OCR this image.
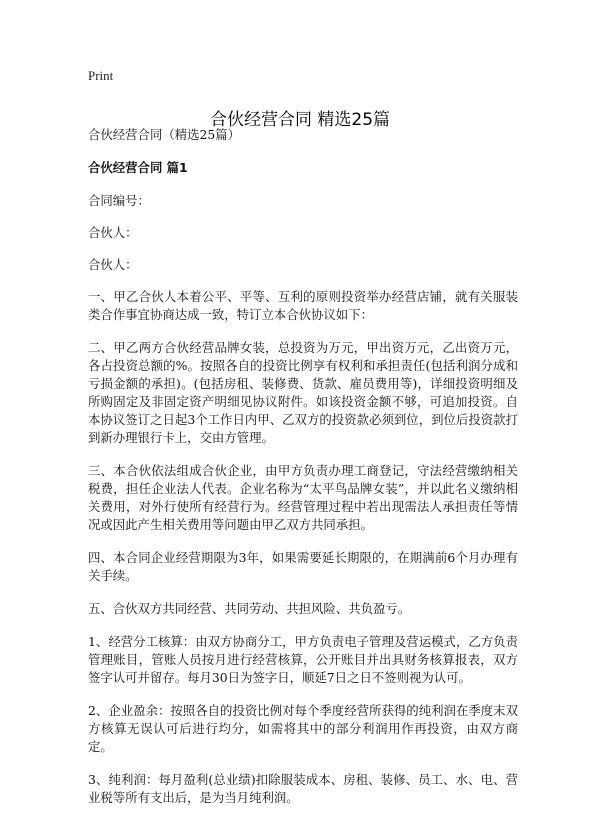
Print
合伙经营合同 精选25篇

合伙经营合同（精选25篇）

合伙经营合同 篇1

合同编号：

合伙人：

合伙人：

一、甲乙合伙人本着公平、平等、互利的原则投资举办经营店铺，就有关服装类合作事宜协商达成一致，特订立本合伙协议如下：

二、甲乙两方合伙经营品牌女装，总投资为万元，甲出资万元，乙出资万元，各占投资总额的%。按照各自的投资比例享有权利和承担责任(包括利润分成和亏损金额的承担)。(包括房租、装修费、货款、雇员费用等)，详细投资明细及所购固定及非固定资产明细见协议附件。如该投资金额不够，可追加投资。自本协议签订之日起3个工作日内甲、乙双方的投资款必须到位，到位后投资款打到新办理银行卡上，交由方管理。

三、本合伙依法组成合伙企业，由甲方负责办理工商登记，守法经营缴纳相关税费，担任企业法人代表。企业名称为“太平鸟品牌女装”，并以此名义缴纳相关费用，对外行使所有经营行为。经营管理过程中若出现需法人承担责任等情况或因此产生相关费用等问题由甲乙双方共同承担。

四、本合同企业经营期限为3年，如果需要延长期限的，在期满前6个月办理有关手续。

五、合伙双方共同经营、共同劳动、共担风险、共负盈亏。

1、经营分工核算：由双方协商分工，甲方负责电子管理及营运模式，乙方负责管理账目，管账人员按月进行经营核算，公开账目并出具财务核算报表，双方签字认可并留存。每月30日为签字日，顺延7日之日不签则视为认可。

2、企业盈余：按照各自的投资比例对每个季度经营所获得的纯利润在季度末双方核算无误认可后进行均分，如需将其中的部分利润用作再投资，由双方商定。

3、纯利润：每月盈利(总业绩)扣除服装成本、房租、装修、员工、水、电、营业税等所有支出后，是为当月纯利润。
